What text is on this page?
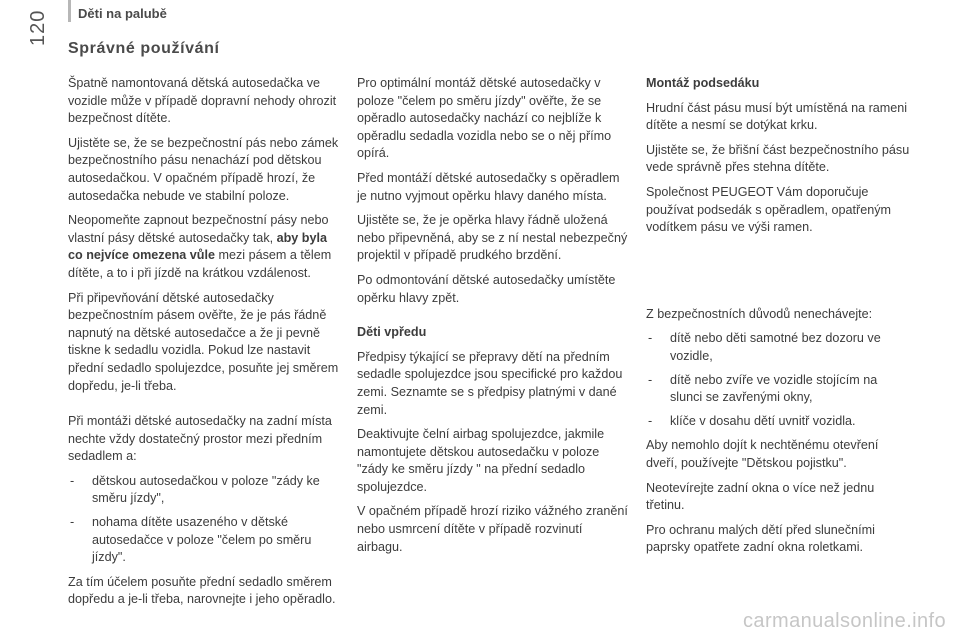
Děti na palubě
120
Správné používání

Špatně namontovaná dětská autosedačka ve vozidle může v případě dopravní nehody ohrozit bezpečnost dítěte.

Ujistěte se, že se bezpečnostní pás nebo zámek bezpečnostního pásu nenachází pod dětskou autosedačkou. V opačném případě hrozí, že autosedačka nebude ve stabilní poloze.

Neopomeňte zapnout bezpečnostní pásy nebo vlastní pásy dětské autosedačky tak, aby byla co nejvíce omezena vůle mezi pásem a tělem dítěte, a to i při jízdě na krátkou vzdálenost.

Při připevňování dětské autosedačky bezpečnostním pásem ověřte, že je pás řádně napnutý na dětské autosedačce a že ji pevně tiskne k sedadlu vozidla. Pokud lze nastavit přední sedadlo spolujezdce, posuňte jej směrem dopředu, je-li třeba.

Při montáži dětské autosedačky na zadní místa nechte vždy dostatečný prostor mezi předním sedadlem a:

- dětskou autosedačkou v poloze "zády ke směru jízdy",
- nohama dítěte usazeného v dětské autosedačce v poloze "čelem po směru jízdy".

Za tím účelem posuňte přední sedadlo směrem dopředu a je-li třeba, narovnejte i jeho opěradlo.

Pro optimální montáž dětské autosedačky v poloze "čelem po směru jízdy" ověřte, že se opěradlo autosedačky nachází co nejblíže k opěradlu sedadla vozidla nebo se o něj přímo opírá.

Před montáží dětské autosedačky s opěradlem je nutno vyjmout opěrku hlavy daného místa.

Ujistěte se, že je opěrka hlavy řádně uložená nebo připevněná, aby se z ní nestal nebezpečný projektil v případě prudkého brzdění.

Po odmontování dětské autosedačky umístěte opěrku hlavy zpět.

Děti vpředu

Předpisy týkající se přepravy dětí na předním sedadle spolujezdce jsou specifické pro každou zemi. Seznamte se s předpisy platnými v dané zemi.

Deaktivujte čelní airbag spolujezdce, jakmile namontujete dětskou autosedačku v poloze "zády ke směru jízdy " na přední sedadlo spolujezdce.

V opačném případě hrozí riziko vážného zranění nebo usmrcení dítěte v případě rozvinutí airbagu.

Montáž podsedáku

Hrudní část pásu musí být umístěná na rameni dítěte a nesmí se dotýkat krku.

Ujistěte se, že břišní část bezpečnostního pásu vede správně přes stehna dítěte.

Společnost PEUGEOT Vám doporučuje používat podsedák s opěradlem, opatřeným vodítkem pásu ve výši ramen.

Z bezpečnostních důvodů nenechávejte:

- dítě nebo děti samotné bez dozoru ve vozidle,
- dítě nebo zvíře ve vozidle stojícím na slunci se zavřenými okny,
- klíče v dosahu dětí uvnitř vozidla.

Aby nemohlo dojít k nechtěnému otevření dveří, používejte "Dětskou pojistku".

Neotevírejte zadní okna o více než jednu třetinu.

Pro ochranu malých dětí před slunečními paprsky opatřete zadní okna roletkami.

carmanualsonline.info
